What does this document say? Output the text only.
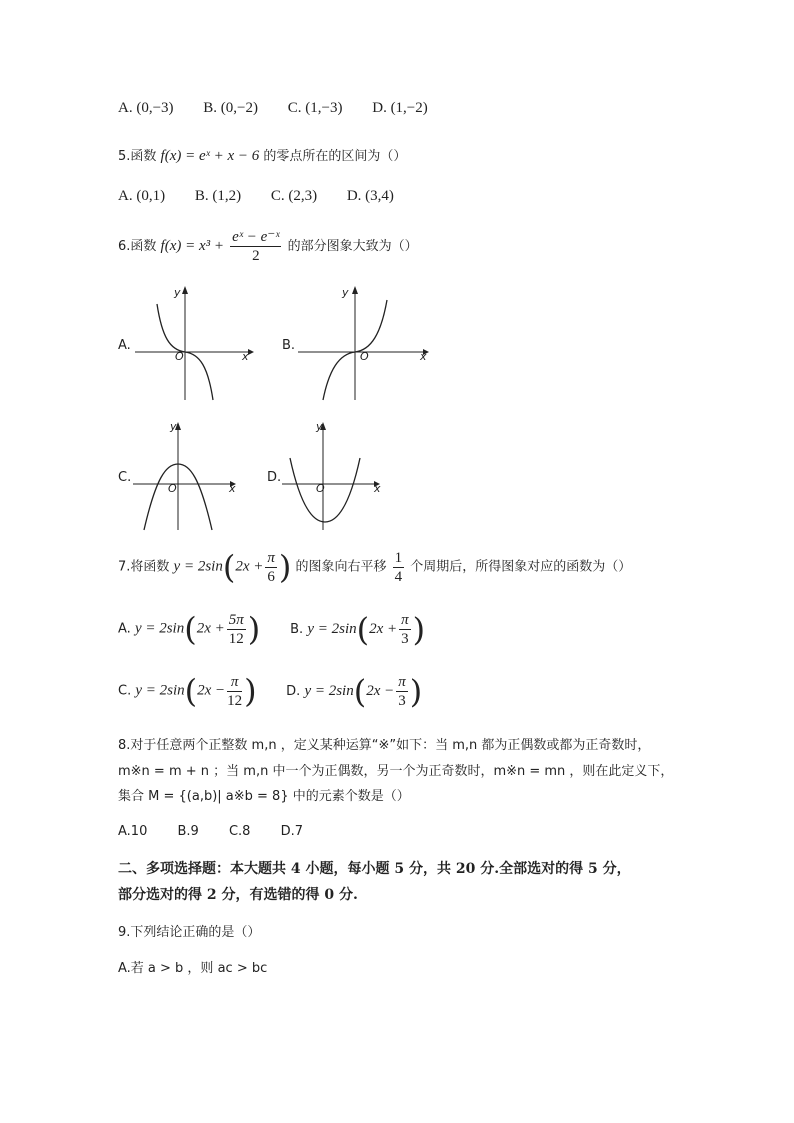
A. (0,−3) B. (0,−2) C. (1,−3) D. (1,−2)
5.函数 f(x) = eˣ + x − 6 的零点所在的区间为（）
A. (0,1) B. (1,2) C. (2,3) D. (3,4)
6.函数 $f(x) = x^3 + \frac{\text{eˣ − e⁻ˣ}}{2}$ 的部分图象大致为（）
A.
y
O	x
B.
y
O	x
C.
y
O	x
D.
y
O	x
7.将函数 $y = 2\sin(2x + \frac{\pi}{6}$ ) 的图象向右平移 $\frac{1}{4}$ 个周期后，所得图象对应的函数为（）
A. $y = 2\sin(2x + \frac{5\pi}{12}$ ) B. $y = 2\sin(2x + \frac{\pi}{3}$ )
C. $y = 2\sin(2x - \frac{\pi}{12}$ ) D. $y = 2\sin(2x - \frac{\pi}{3}$ )
8.对于任意两个正整数 m,n ，定义某种运算“※”如下：当 m,n 都为正偶数或都为正奇数时，
m※n = m + n ；当 m,n 中一个为正偶数，另一个为正奇数时，m※n = mn ，则在此定义下，
集合 M = {(a,b)| a※b = 8} 中的元素个数是（）
A.10 B.9 C.8 D.7
二、多项选择题：本大题共 4 小题，每小题 5 分，共 20 分.全部选对的得 5 分，
部分选对的得 2 分，有选错的得 0 分.
9.下列结论正确的是（）
A.若 a > b ，则 ac > bc
